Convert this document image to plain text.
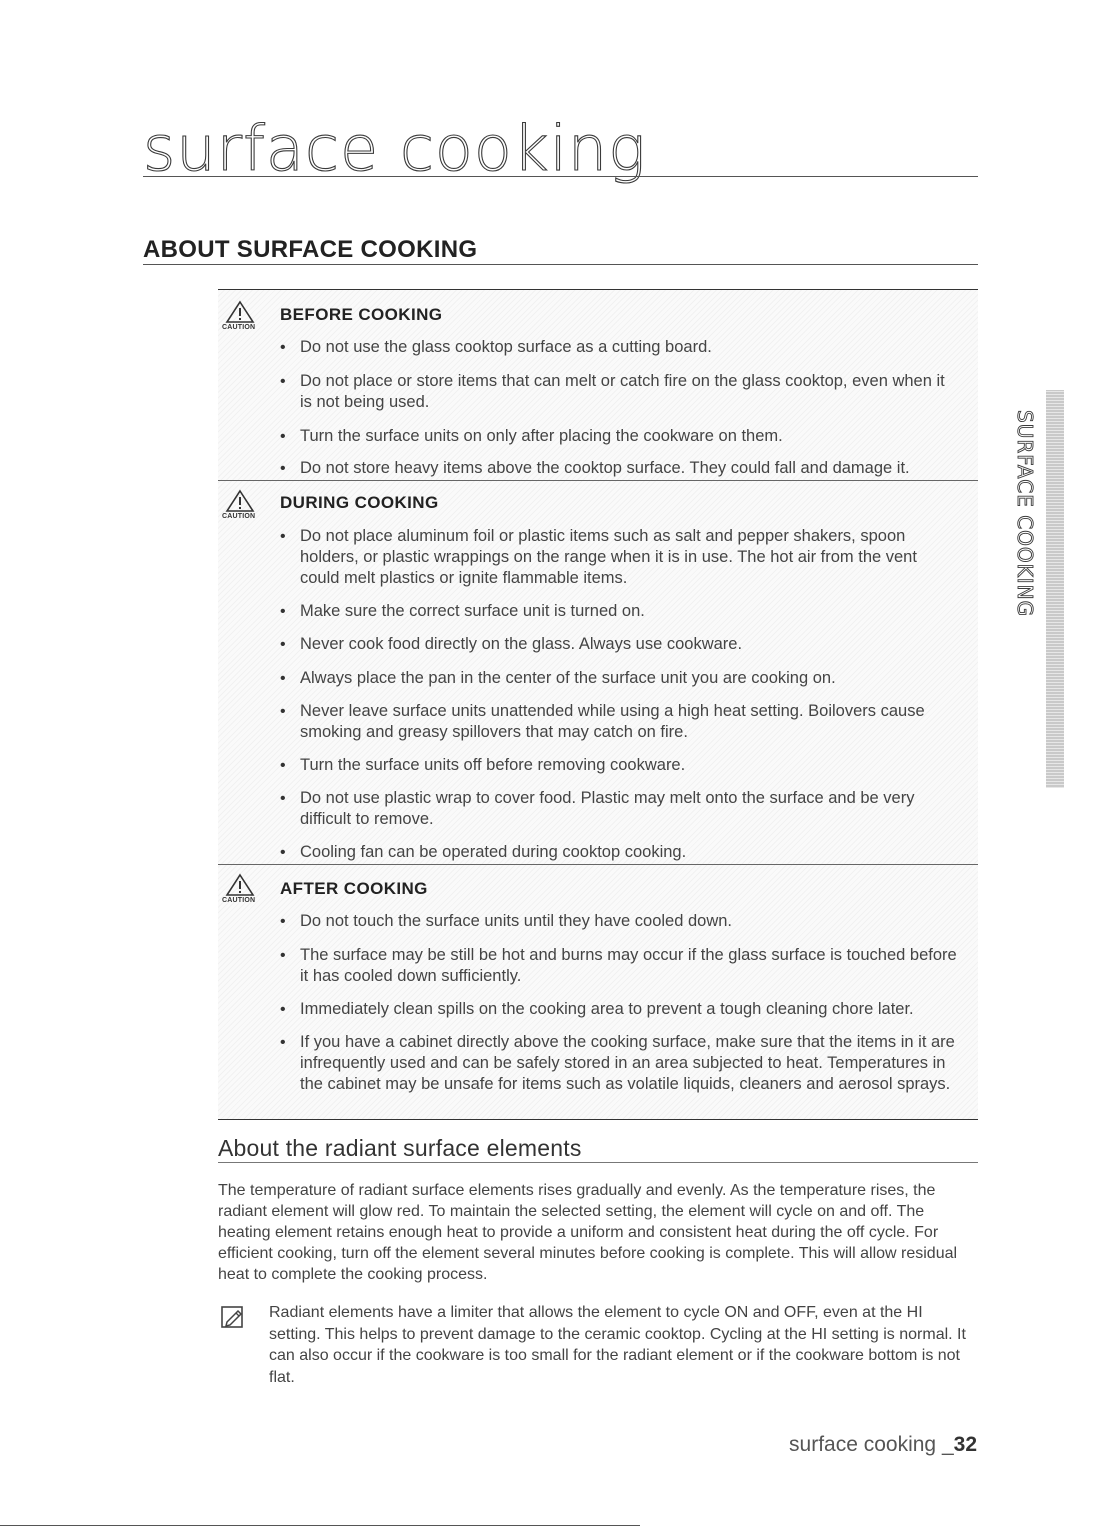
surface cooking
ABOUT SURFACE COOKING
CAUTION
BEFORE COOKING
• Do not use the glass cooktop surface as a cutting board.
• Do not place or store items that can melt or catch fire on the glass cooktop, even when it is not being used.
• Turn the surface units on only after placing the cookware on them.
• Do not store heavy items above the cooktop surface. They could fall and damage it.
CAUTION
DURING COOKING
• Do not place aluminum foil or plastic items such as salt and pepper shakers, spoon holders, or plastic wrappings on the range when it is in use. The hot air from the vent could melt plastics or ignite flammable items.
• Make sure the correct surface unit is turned on.
• Never cook food directly on the glass. Always use cookware.
• Always place the pan in the center of the surface unit you are cooking on.
• Never leave surface units unattended while using a high heat setting. Boilovers cause smoking and greasy spillovers that may catch on fire.
• Turn the surface units off before removing cookware.
• Do not use plastic wrap to cover food. Plastic may melt onto the surface and be very difficult to remove.
• Cooling fan can be operated during cooktop cooking.
CAUTION
AFTER COOKING
• Do not touch the surface units until they have cooled down.
• The surface may be still be hot and burns may occur if the glass surface is touched before it has cooled down sufficiently.
• Immediately clean spills on the cooking area to prevent a tough cleaning chore later.
• If you have a cabinet directly above the cooking surface, make sure that the items in it are infrequently used and can be safely stored in an area subjected to heat. Temperatures in the cabinet may be unsafe for items such as volatile liquids, cleaners and aerosol sprays.
About the radiant surface elements
The temperature of radiant surface elements rises gradually and evenly. As the temperature rises, the radiant element will glow red. To maintain the selected setting, the element will cycle on and off. The heating element retains enough heat to provide a uniform and consistent heat during the off cycle. For efficient cooking, turn off the element several minutes before cooking is complete. This will allow residual heat to complete the cooking process.
Radiant elements have a limiter that allows the element to cycle ON and OFF, even at the HI setting. This helps to prevent damage to the ceramic cooktop. Cycling at the HI setting is normal. It can also occur if the cookware is too small for the radiant element or if the cookware bottom is not flat.
SURFACE COOKING
surface cooking _32
